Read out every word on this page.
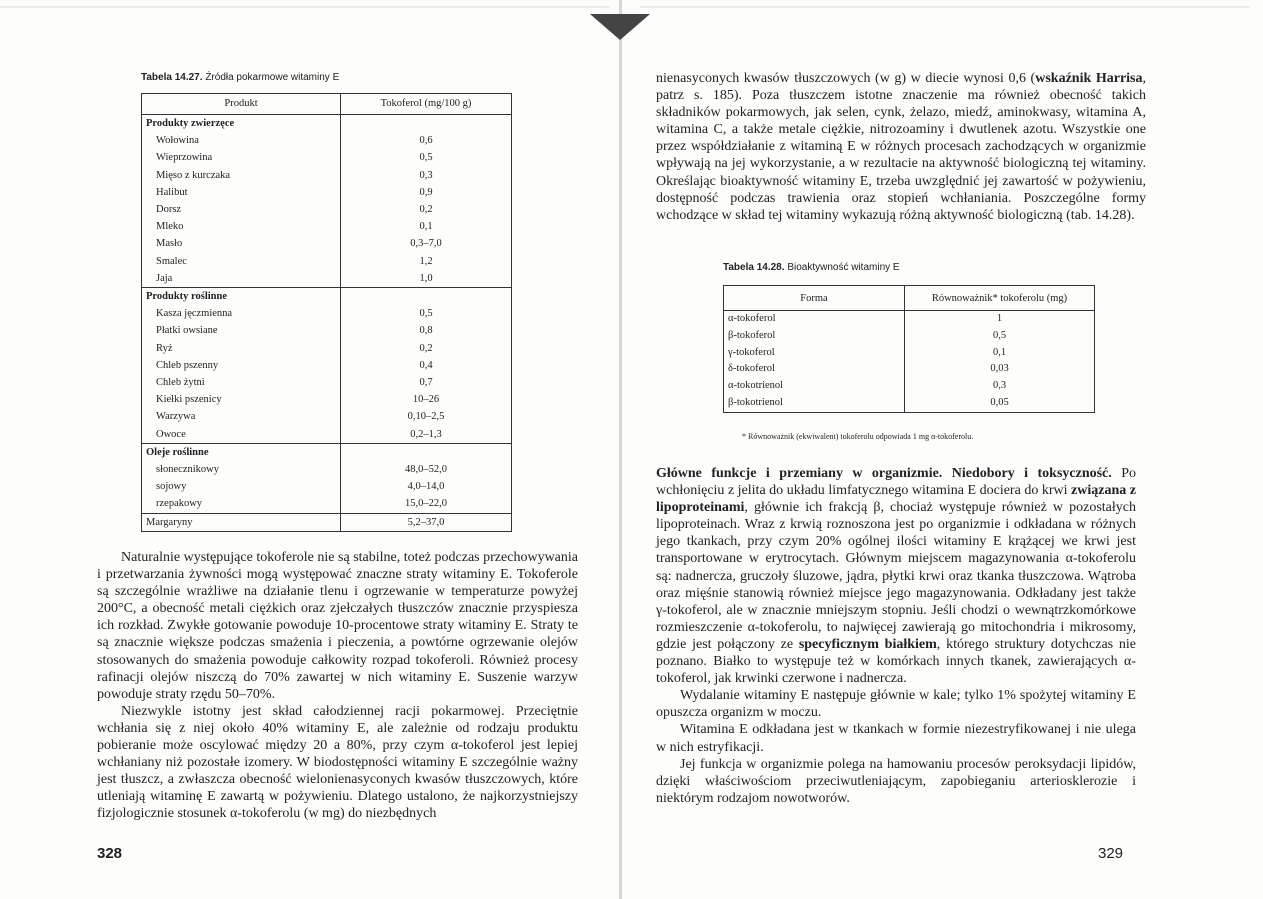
Tabela 14.27. Źródła pokarmowe witaminy E
Produkt	Tokoferol (mg/100 g)
Produkty zwierzęce	
Wołowina	0,6
Wieprzowina	0,5
Mięso z kurczaka	0,3
Halibut	0,9
Dorsz	0,2
Mleko	0,1
Masło	0,3–7,0
Smalec	1,2
Jaja	1,0
Produkty roślinne	
Kasza jęczmienna	0,5
Płatki owsiane	0,8
Ryż	0,2
Chleb pszenny	0,4
Chleb żytni	0,7
Kiełki pszenicy	10–26
Warzywa	0,10–2,5
Owoce	0,2–1,3
Oleje roślinne	
słonecznikowy	48,0–52,0
sojowy	4,0–14,0
rzepakowy	15,0–22,0
Margaryny	5,2–37,0

Naturalnie występujące tokoferole nie są stabilne, toteż podczas przechowywania i przetwarzania żywności mogą występować znaczne straty witaminy E. Tokoferole są szczególnie wrażliwe na działanie tlenu i ogrzewanie w temperaturze powyżej 200°C, a obecność metali ciężkich oraz zjełczałych tłuszczów znacznie przyspiesza ich rozkład. Zwykłe gotowanie powoduje 10-procentowe straty witaminy E. Straty te są znacznie większe podczas smażenia i pieczenia, a powtórne ogrzewanie olejów stosowanych do smażenia powoduje całkowity rozpad tokoferoli. Również procesy rafinacji olejów niszczą do 70% zawartej w nich witaminy E. Suszenie warzyw powoduje straty rzędu 50–70%.

Niezwykle istotny jest skład całodziennej racji pokarmowej. Przeciętnie wchłania się z niej około 40% witaminy E, ale zależnie od rodzaju produktu pobieranie może oscylować między 20 a 80%, przy czym α-tokoferol jest lepiej wchłaniany niż pozostałe izomery. W biodostępności witaminy E szczególnie ważny jest tłuszcz, a zwłaszcza obecność wielonienasyconych kwasów tłuszczowych, które utleniają witaminę E zawartą w pożywieniu. Dlatego ustalono, że najkorzystniejszy fizjologicznie stosunek α-tokoferolu (w mg) do niezbędnych

328

nienasyconych kwasów tłuszczowych (w g) w diecie wynosi 0,6 (wskaźnik Harrisa, patrz s. 185). Poza tłuszczem istotne znaczenie ma również obecność takich składników pokarmowych, jak selen, cynk, żelazo, miedź, aminokwasy, witamina A, witamina C, a także metale ciężkie, nitrozoaminy i dwutlenek azotu. Wszystkie one przez współdziałanie z witaminą E w różnych procesach zachodzących w organizmie wpływają na jej wykorzystanie, a w rezultacie na aktywność biologiczną tej witaminy. Określając bioaktywność witaminy E, trzeba uwzględnić jej zawartość w pożywieniu, dostępność podczas trawienia oraz stopień wchłaniania. Poszczególne formy wchodzące w skład tej witaminy wykazują różną aktywność biologiczną (tab. 14.28).

Tabela 14.28. Bioaktywność witaminy E
Forma	Równoważnik* tokoferolu (mg)
α-tokoferol	1
β-tokoferol	0,5
γ-tokoferol	0,1
δ-tokoferol	0,03
α-tokotrienol	0,3
β-tokotrienol	0,05
* Równoważnik (ekwiwalent) tokoferolu odpowiada 1 mg α-tokoferolu.

Główne funkcje i przemiany w organizmie. Niedobory i toksyczność. Po wchłonięciu z jelita do układu limfatycznego witamina E dociera do krwi związana z lipoproteinami, głównie ich frakcją β, chociaż występuje również w pozostałych lipoproteinach. Wraz z krwią roznoszona jest po organizmie i odkładana w różnych jego tkankach, przy czym 20% ogólnej ilości witaminy E krążącej we krwi jest transportowane w erytrocytach. Głównym miejscem magazynowania α-tokoferolu są: nadnercza, gruczoły śluzowe, jądra, płytki krwi oraz tkanka tłuszczowa. Wątroba oraz mięśnie stanowią również miejsce jego magazynowania. Odkładany jest także γ-tokoferol, ale w znacznie mniejszym stopniu. Jeśli chodzi o wewnątrzkomórkowe rozmieszczenie α-tokoferolu, to najwięcej zawierają go mitochondria i mikrosomy, gdzie jest połączony ze specyficznym białkiem, którego struktury dotychczas nie poznano. Białko to występuje też w komórkach innych tkanek, zawierających α-tokoferol, jak krwinki czerwone i nadnercza.

Wydalanie witaminy E następuje głównie w kale; tylko 1% spożytej witaminy E opuszcza organizm w moczu.

Witamina E odkładana jest w tkankach w formie niezestryfikowanej i nie ulega w nich estryfikacji.

Jej funkcja w organizmie polega na hamowaniu procesów peroksydacji lipidów, dzięki właściwościom przeciwutleniającym, zapobieganiu arteriosklerozie i niektórym rodzajom nowotworów.

329
